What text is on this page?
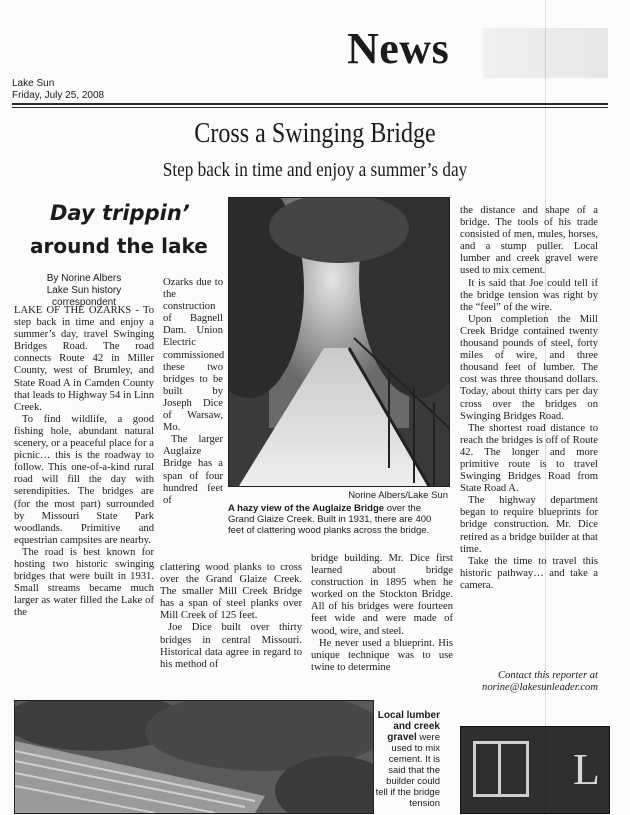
News
Lake Sun
Friday, July 25, 2008
Cross a Swinging Bridge
Step back in time and enjoy a summer’s day
Day trippin’
around the lake
By Norine Albers
Lake Sun history correspondent

LAKE OF THE OZARKS - To step back in time and enjoy a summer’s day, travel Swinging Bridges Road. The road connects Route 42 in Miller County, west of Brumley, and State Road A in Camden County that leads to Highway 54 in Linn Creek.

To find wildlife, a good fishing hole, abundant natural scenery, or a peaceful place for a picnic… this is the roadway to follow. This one-of-a-kind rural road will fill the day with serendipities. The bridges are (for the most part) surrounded by Missouri State Park woodlands. Primitive and equestrian campsites are nearby.

The road is best known for hosting two historic swinging bridges that were built in 1931. Small streams became much larger as water filled the Lake of the

Ozarks due to the construction of Bagnell Dam. Union Electric commissioned these two bridges to be built by Joseph Dice of Warsaw, Mo.

The larger Auglaize Bridge has a span of four hundred feet of	Norine Albers/Lake Sun
A hazy view of the Auglaize Bridge over the Grand Glaize Creek. Built in 1931, there are 400 feet of clattering wood planks across the bridge.

clattering wood planks to cross over the Grand Glaize Creek. The smaller Mill Creek Bridge has a span of steel planks over Mill Creek of 125 feet.

Joe Dice built over thirty bridges in central Missouri. Historical data agree in regard to his method of

bridge building. Mr. Dice first learned about bridge construction in 1895 when he worked on the Stockton Bridge. All of his bridges were fourteen feet wide and were made of wood, wire, and steel.

He never used a blueprint. His unique technique was to use twine to determine

the distance and shape of a bridge. The tools of his trade consisted of men, mules, horses, and a stump puller. Local lumber and creek gravel were used to mix cement.

It is said that Joe could tell if the bridge tension was right by the “feel” of the wire.

Upon completion the Mill Creek Bridge contained twenty thousand pounds of steel, forty miles of wire, and three thousand feet of lumber. The cost was three thousand dollars. Today, about thirty cars per day cross over the bridges on Swinging Bridges Road.

The shortest road distance to reach the bridges is off of Route 42. The longer and more primitive route is to travel Swinging Bridges Road from State Road A.

The highway department began to require blueprints for bridge construction. Mr. Dice retired as a bridge builder at that time.

Take the time to travel this historic pathway… and take a camera.

Contact this reporter at
norine@lakesunleader.com
Local lumber and creek gravel were used to mix cement. It is said that the builder could tell if the bridge tension
L
